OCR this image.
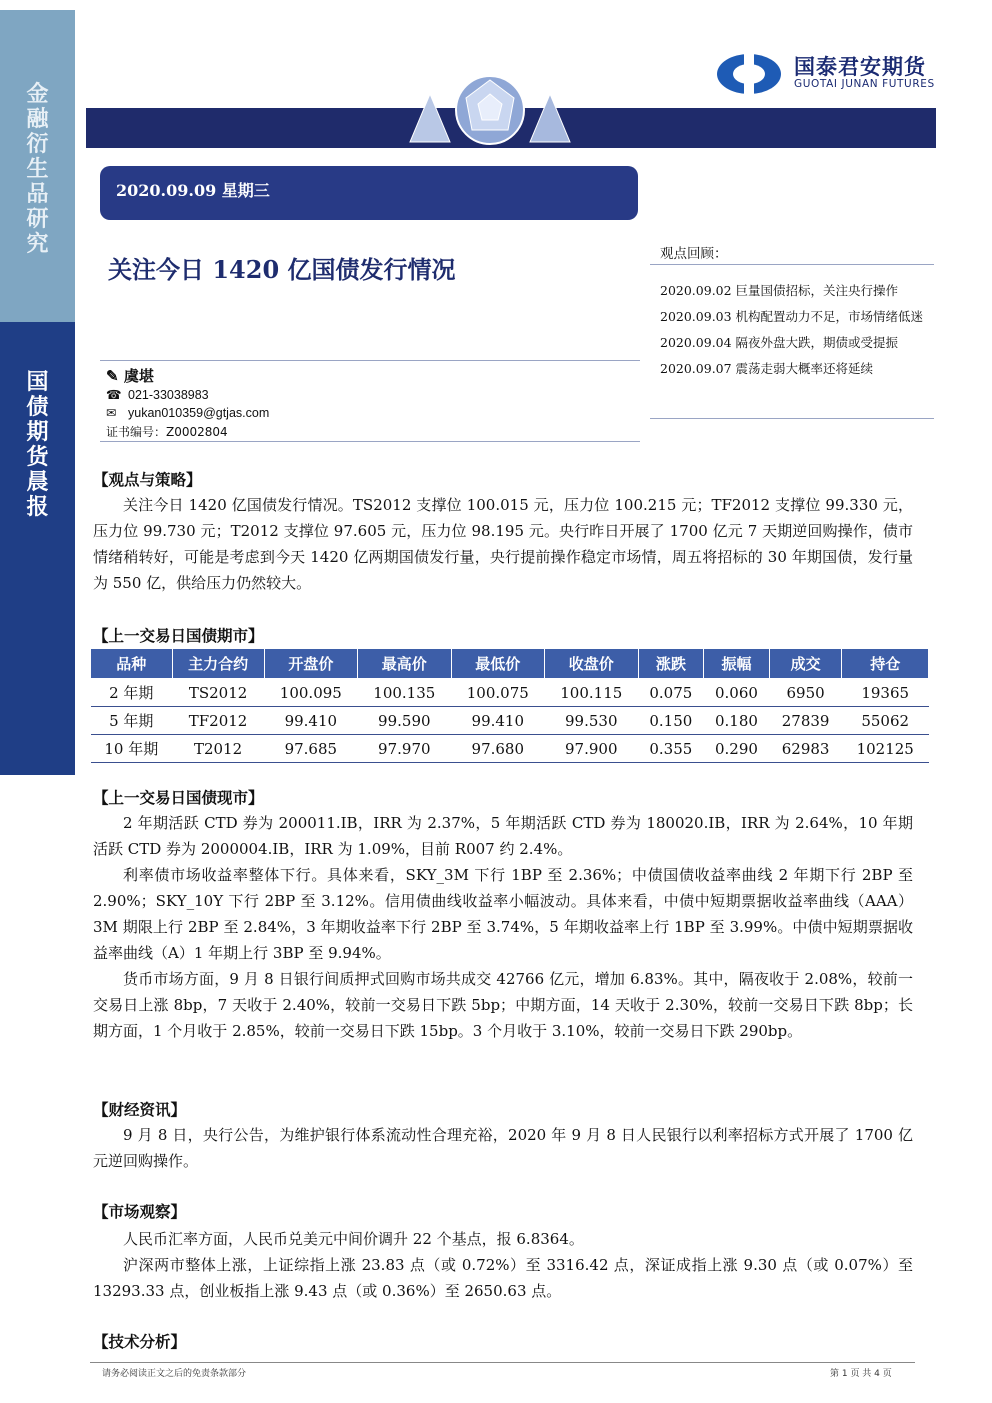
金
融
衍
生
品
研
究
国
债
期
货
晨
报
国泰君安期货
GUOTAI JUNAN FUTURES
2020.09.09 星期三
关注今日 1420 亿国债发行情况
✎ 虞堪
☎ 021-33038983
✉ yukan010359@gtjas.com
证书编号：Z0002804
观点回顾：
2020.09.02 巨量国债招标，关注央行操作
2020.09.03 机构配置动力不足，市场情绪低迷
2020.09.04 隔夜外盘大跌，期债或受提振
2020.09.07 震荡走弱大概率还将延续
【观点与策略】
关注今日 1420 亿国债发行情况。TS2012 支撑位 100.015 元，压力位 100.215 元；TF2012 支撑位 99.330 元，压力位 99.730 元；T2012 支撑位 97.605 元，压力位 98.195 元。央行昨日开展了 1700 亿元 7 天期逆回购操作，债市情绪稍转好，可能是考虑到今天 1420 亿两期国债发行量，央行提前操作稳定市场情，周五将招标的 30 年期国债，发行量为 550 亿，供给压力仍然较大。
【上一交易日国债期市】
品种	主力合约	开盘价	最高价	最低价	收盘价	涨跌	振幅	成交	持仓
2 年期	TS2012	100.095	100.135	100.075	100.115	0.075	0.060	6950	19365
5 年期	TF2012	99.410	99.590	99.410	99.530	0.150	0.180	27839	55062
10 年期	T2012	97.685	97.970	97.680	97.900	0.355	0.290	62983	102125
【上一交易日国债现市】
2 年期活跃 CTD 券为 200011.IB，IRR 为 2.37%，5 年期活跃 CTD 券为 180020.IB，IRR 为 2.64%，10 年期活跃 CTD 券为 2000004.IB，IRR 为 1.09%，目前 R007 约 2.4%。
利率债市场收益率整体下行。具体来看，SKY_3M 下行 1BP 至 2.36%；中债国债收益率曲线 2 年期下行 2BP 至 2.90%；SKY_10Y 下行 2BP 至 3.12%。信用债曲线收益率小幅波动。具体来看，中债中短期票据收益率曲线（AAA）3M 期限上行 2BP 至 2.84%，3 年期收益率下行 2BP 至 3.74%，5 年期收益率上行 1BP 至 3.99%。中债中短期票据收益率曲线（A）1 年期上行 3BP 至 9.94%。
货币市场方面，9 月 8 日银行间质押式回购市场共成交 42766 亿元，增加 6.83%。其中，隔夜收于 2.08%，较前一交易日上涨 8bp，7 天收于 2.40%，较前一交易日下跌 5bp；中期方面，14 天收于 2.30%，较前一交易日下跌 8bp；长期方面，1 个月收于 2.85%，较前一交易日下跌 15bp。3 个月收于 3.10%，较前一交易日下跌 290bp。
【财经资讯】
9 月 8 日，央行公告，为维护银行体系流动性合理充裕，2020 年 9 月 8 日人民银行以利率招标方式开展了 1700 亿元逆回购操作。
【市场观察】
人民币汇率方面，人民币兑美元中间价调升 22 个基点，报 6.8364。
沪深两市整体上涨，上证综指上涨 23.83 点（或 0.72%）至 3316.42 点，深证成指上涨 9.30 点（或 0.07%）至 13293.33 点，创业板指上涨 9.43 点（或 0.36%）至 2650.63 点。
【技术分析】
请务必阅读正文之后的免责条款部分	第 1 页 共 4 页
